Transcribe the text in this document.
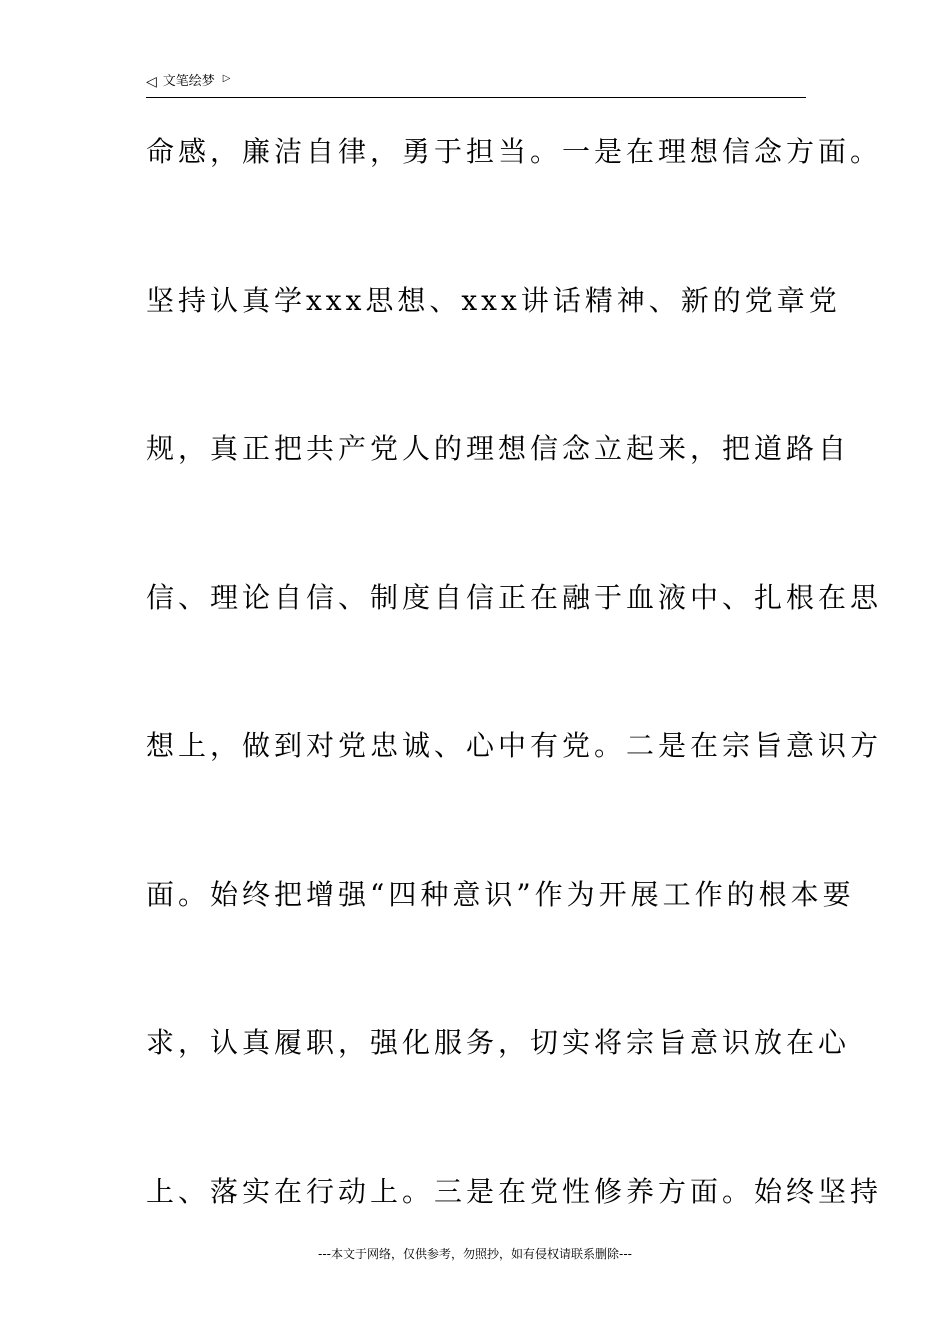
◁ 文笔绘梦 ▷
命感，廉洁自律，勇于担当。一是在理想信念方面。
坚持认真学xxx思想、xxx讲话精神、新的党章党
规，真正把共产党人的理想信念立起来，把道路自
信、理论自信、制度自信正在融于血液中、扎根在思
想上，做到对党忠诚、心中有党。二是在宗旨意识方
面。始终把增强“四种意识”作为开展工作的根本要
求，认真履职，强化服务，切实将宗旨意识放在心
上、落实在行动上。三是在党性修养方面。始终坚持
---本文于网络，仅供参考，勿照抄，如有侵权请联系删除---
